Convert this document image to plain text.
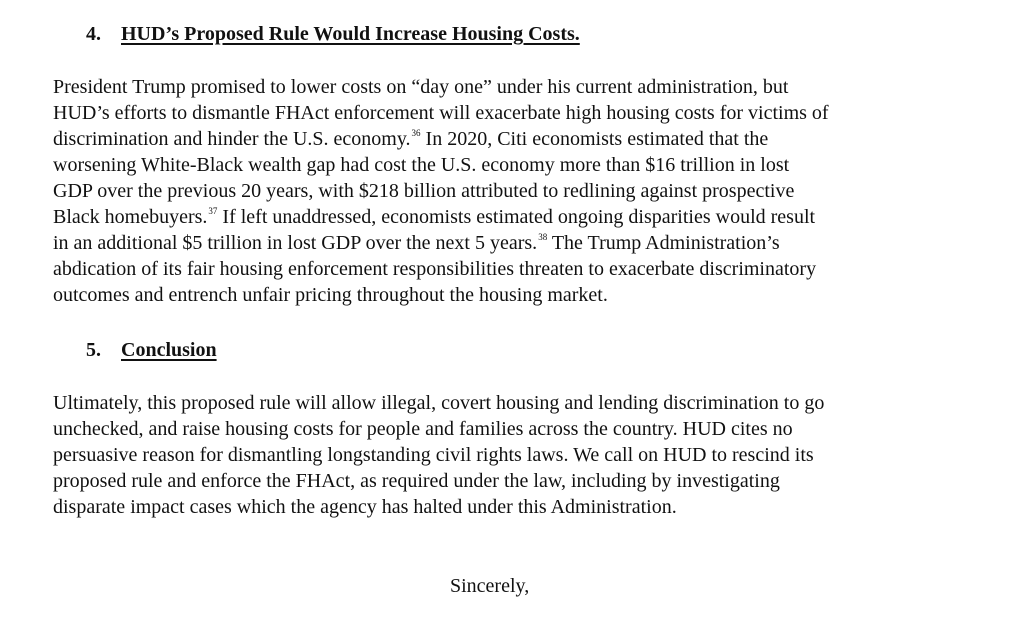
4. HUD’s Proposed Rule Would Increase Housing Costs.
President Trump promised to lower costs on “day one” under his current administration, but
HUD’s efforts to dismantle FHAct enforcement will exacerbate high housing costs for victims of
discrimination and hinder the U.S. economy.$^{36}$ In 2020, Citi economists estimated that the
worsening White-Black wealth gap had cost the U.S. economy more than $16 trillion in lost
GDP over the previous 20 years, with $218 billion attributed to redlining against prospective
Black homebuyers.$^{37}$ If left unaddressed, economists estimated ongoing disparities would result
in an additional $5 trillion in lost GDP over the next 5 years.$^{38}$ The Trump Administration’s
abdication of its fair housing enforcement responsibilities threaten to exacerbate discriminatory
outcomes and entrench unfair pricing throughout the housing market.
5. Conclusion
Ultimately, this proposed rule will allow illegal, covert housing and lending discrimination to go
unchecked, and raise housing costs for people and families across the country. HUD cites no
persuasive reason for dismantling longstanding civil rights laws. We call on HUD to rescind its
proposed rule and enforce the FHAct, as required under the law, including by investigating
disparate impact cases which the agency has halted under this Administration.
Sincerely,
